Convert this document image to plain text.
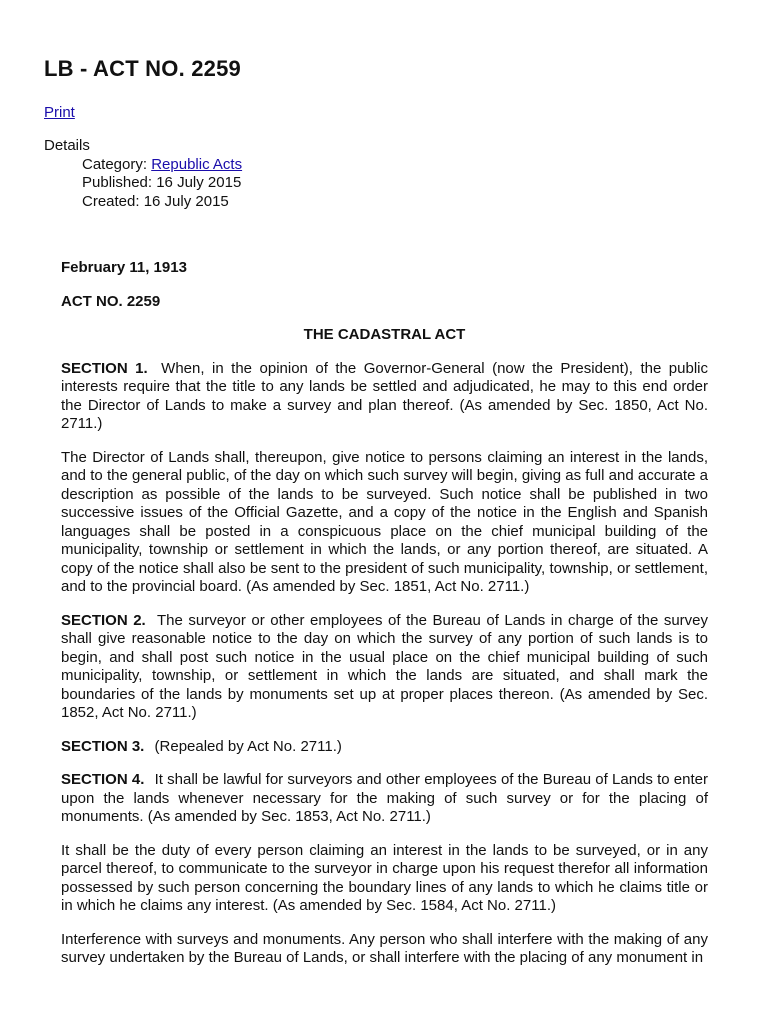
LB - ACT NO. 2259
Print
Details
Category: Republic Acts
Published: 16 July 2015
Created: 16 July 2015

February 11, 1913

ACT NO. 2259

THE CADASTRAL ACT

SECTION 1. When, in the opinion of the Governor-General (now the President), the public interests require that the title to any lands be settled and adjudicated, he may to this end order the Director of Lands to make a survey and plan thereof. (As amended by Sec. 1850, Act No. 2711.)

The Director of Lands shall, thereupon, give notice to persons claiming an interest in the lands, and to the general public, of the day on which such survey will begin, giving as full and accurate a description as possible of the lands to be surveyed. Such notice shall be published in two successive issues of the Official Gazette, and a copy of the notice in the English and Spanish languages shall be posted in a conspicuous place on the chief municipal building of the municipality, township or settlement in which the lands, or any portion thereof, are situated. A copy of the notice shall also be sent to the president of such municipality, township, or settlement, and to the provincial board. (As amended by Sec. 1851, Act No. 2711.)

SECTION 2. The surveyor or other employees of the Bureau of Lands in charge of the survey shall give reasonable notice to the day on which the survey of any portion of such lands is to begin, and shall post such notice in the usual place on the chief municipal building of such municipality, township, or settlement in which the lands are situated, and shall mark the boundaries of the lands by monuments set up at proper places thereon. (As amended by Sec. 1852, Act No. 2711.)

SECTION 3. (Repealed by Act No. 2711.)

SECTION 4. It shall be lawful for surveyors and other employees of the Bureau of Lands to enter upon the lands whenever necessary for the making of such survey or for the placing of monuments. (As amended by Sec. 1853, Act No. 2711.)

It shall be the duty of every person claiming an interest in the lands to be surveyed, or in any parcel thereof, to communicate to the surveyor in charge upon his request therefor all information possessed by such person concerning the boundary lines of any lands to which he claims title or in which he claims any interest. (As amended by Sec. 1584, Act No. 2711.)

Interference with surveys and monuments. Any person who shall interfere with the making of any survey undertaken by the Bureau of Lands, or shall interfere with the placing of any monument in
